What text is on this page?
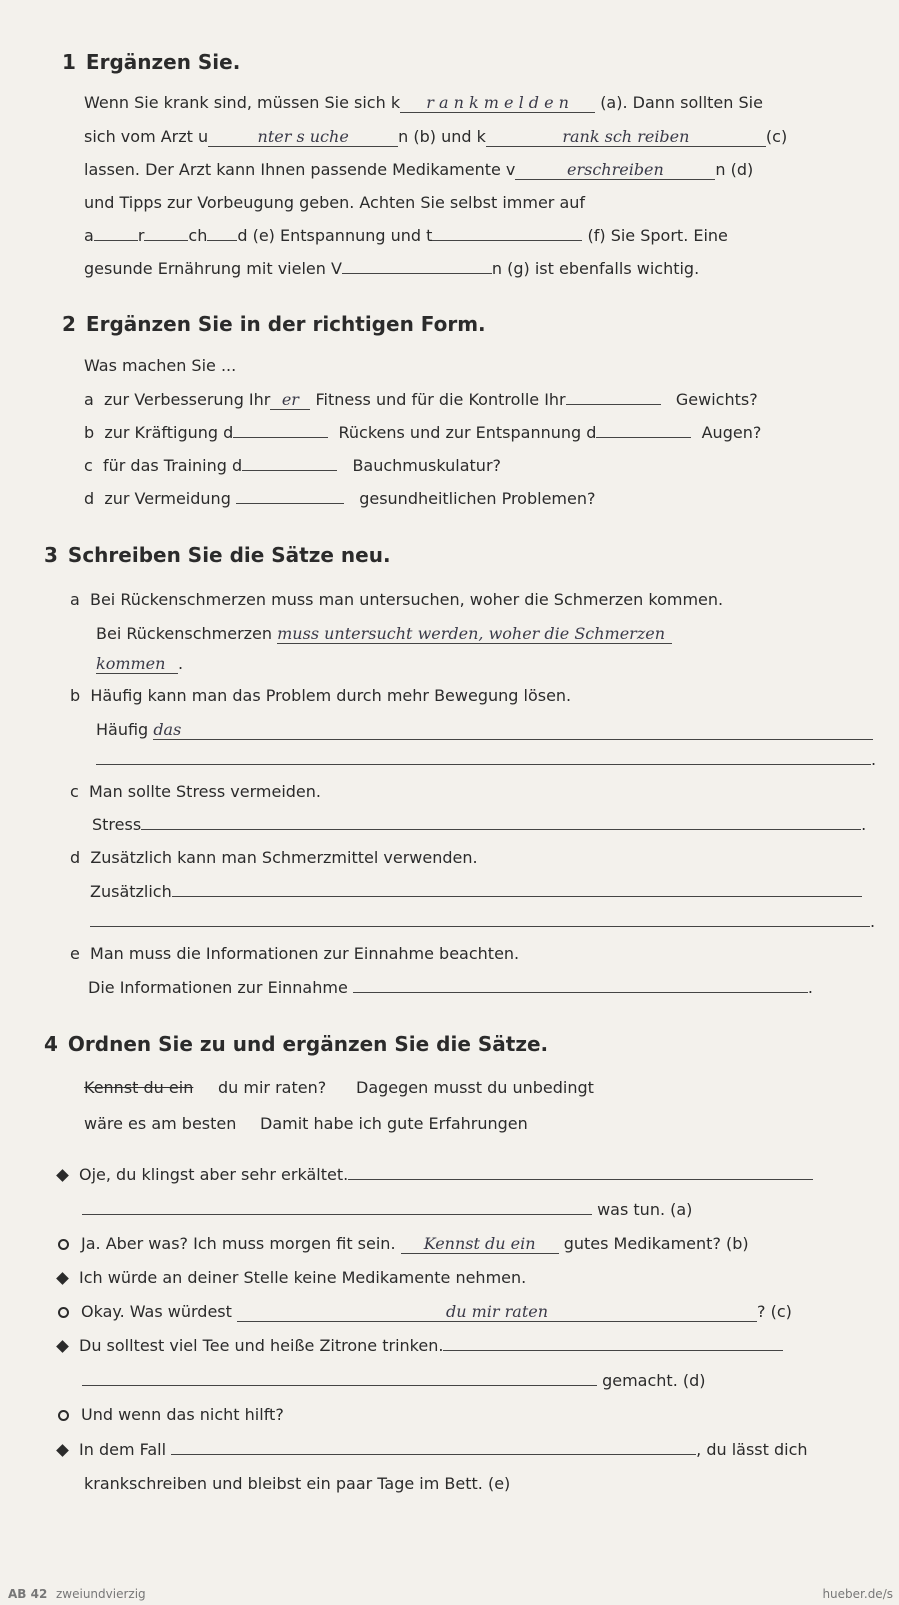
1 Ergänzen Sie.
Wenn Sie krank sind, müssen Sie sich k r a n k m e l d e n (a). Dann sollten Sie
sich vom Arzt u	nter s uche	n (b) und k	rank sch reiben	(c)
lassen. Der Arzt kann Ihnen passende Medikamente v	erschreiben	n (d)
und Tipps zur Vorbeugung geben. Achten Sie selbst immer auf
a	r	ch d (e) Entspannung und t	(f) Sie Sport. Eine
gesunde Ernährung mit vielen V	n (g) ist ebenfalls wichtig.
2 Ergänzen Sie in der richtigen Form.
Was machen Sie ...
a zur Verbesserung Ihr er Fitness und für die Kontrolle Ihr	Gewichts?
b zur Kräftigung d	Rückens und zur Entspannung d	Augen?
c für das Training d	Bauchmuskulatur?
d zur Vermeidung	gesundheitlichen Problemen?
3 Schreiben Sie die Sätze neu.
a Bei Rückenschmerzen muss man untersuchen, woher die Schmerzen kommen.
Bei Rückenschmerzen muss untersucht werden, woher die Schmerzen
kommen .
b Häufig kann man das Problem durch mehr Bewegung lösen.
Häufig das
.
c Man sollte Stress vermeiden.
Stress	.
d Zusätzlich kann man Schmerzmittel verwenden.
Zusätzlich
.
e Man muss die Informationen zur Einnahme beachten.
Die Informationen zur Einnahme	.
4 Ordnen Sie zu und ergänzen Sie die Sätze.
Kennst du ein du mir raten? Dagegen musst du unbedingt
wäre es am besten Damit habe ich gute Erfahrungen
Oje, du klingst aber sehr erkältet.
was tun. (a)
Ja. Aber was? Ich muss morgen fit sein. Kennst du ein gutes Medikament? (b)
Ich würde an deiner Stelle keine Medikamente nehmen.
Okay. Was würdest	du mir raten	? (c)
Du solltest viel Tee und heiße Zitrone trinken.
gemacht. (d)
Und wenn das nicht hilft?
In dem Fall	, du lässt dich
krankschreiben und bleibst ein paar Tage im Bett. (e)
AB 42 zweiundvierzig	hueber.de/s
